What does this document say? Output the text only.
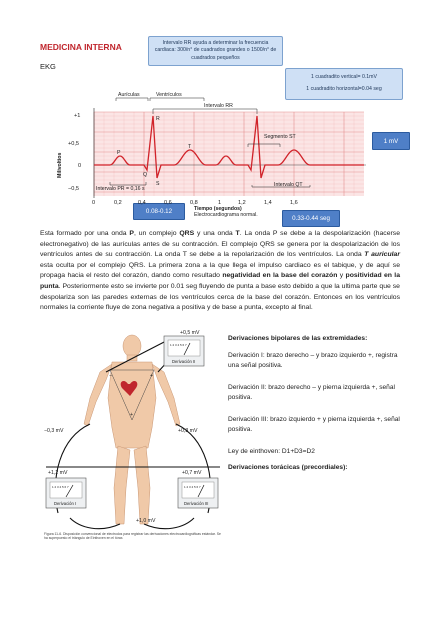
MEDICINA INTERNA
EKG
Intervalo RR ayuda a determinar la frecuencia cardiaca: 300/n° de cuadrados grandes o 1500/n° de cuadrados pequeños
1 cuadradito vertical= 0.1mV
1 cuadradito horizontal=0.04 seg
1 mV
0.08-0.12
0.33-0.44 seg
Aurículas	Ventrículos
Intervalo RR
Segmento ST
Intervalo PR = 0,16 s
Intervalo QT
P
Q
R
S
T
+1
+0,5
0
−0,5
Milivoltios
0	0,2	0,4	0,6	0,8	1	1,2	1,4	1,6
Tiempo (segundos)
Electrocardiograma normal.
Esta formado por una onda P, un complejo QRS y una onda T. La onda P se debe a la despolarización (hacerse electronegativo) de las aurículas antes de su contracción. El complejo QRS se genera por la despolarización de los ventrículos antes de su contracción. La onda T se debe a la repolarización de los ventrículos. La onda T auricular esta oculta por el complejo QRS. La primera zona a la que llega el impulso cardiaco es el tabique, y de aquí se propaga hacia el resto del corazón, dando como resultado negatividad en la base del corazón y positividad en la punta. Posteriormente esto se invierte por 0.01 seg fluyendo de punta a base esto debido a que la ultima parte que se despolariza son las paredes externas de los ventrículos cerca de la base del corazón. Entonces en los ventrículos normales la corriente fluye de zona negativa a positiva y de base a punta, excepto al final.
Derivaciones bipolares de las extremidades:
Derivación I: brazo derecho – y brazo izquierdo +, registra una señal positiva.
Derivación II: brazo derecho – y pierna izquierda +, señal positiva.
Derivación III: brazo izquierdo + y pierna izquierda +, señal positiva.
Ley de einthoven: D1+D3=D2
Derivaciones torácicas (precordiales):
−	+
+
1 2 3 4 5 6 7
Derivación II
+0,5 mV
−0,3 mV	+0,3 mV
+1,2 mV
1 2 3 4 5 6 7
Derivación I
+0,7 mV
1 2 3 4 5 6 7
Derivación III
+1,0 mV
Figura 11-6. Disposición convencional de electrodos para registrar las derivaciones electrocardiográficas estándar. Se ha superpuesto el triángulo de Einthoven en el tórax.
